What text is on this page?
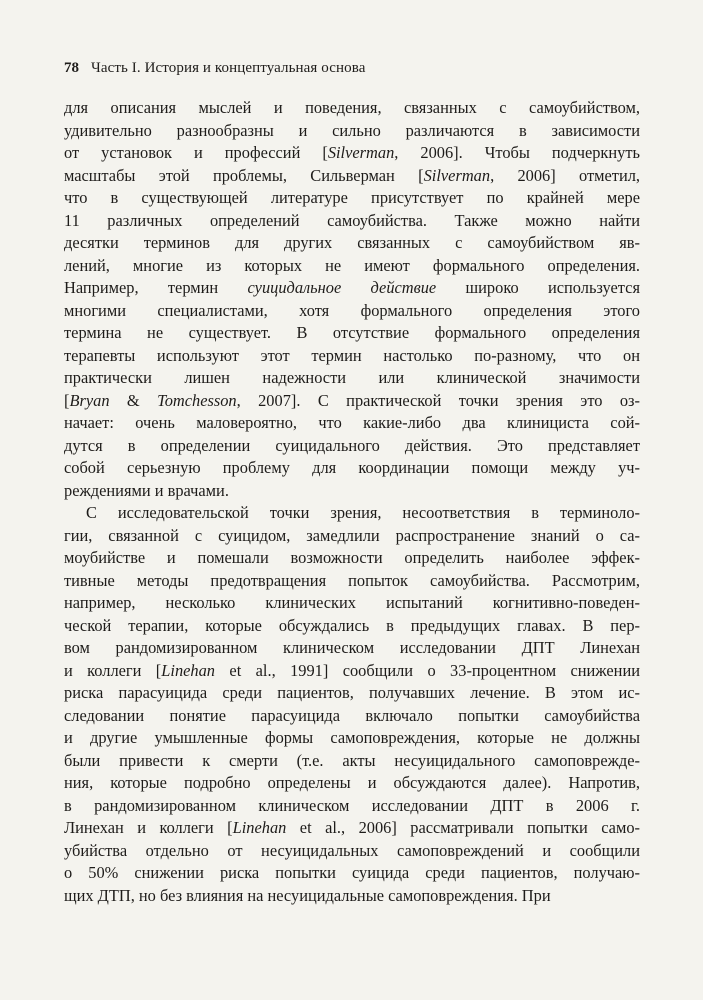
78 Часть I. История и концептуальная основа
для описания мыслей и поведения, связанных с самоубийством,
удивительно разнообразны и сильно различаются в зависимости
от установок и профессий [Silverman, 2006]. Чтобы подчеркнуть
масштабы этой проблемы, Сильверман [Silverman, 2006] отметил,
что в существующей литературе присутствует по крайней мере
11 различных определений самоубийства. Также можно найти
десятки терминов для других связанных с самоубийством яв-
лений, многие из которых не имеют формального определения.
Например, термин суицидальное действие широко используется
многими специалистами, хотя формального определения этого
термина не существует. В отсутствие формального определения
терапевты используют этот термин настолько по-разному, что он
практически лишен надежности или клинической значимости
[Bryan & Tomchesson, 2007]. С практической точки зрения это оз-
начает: очень маловероятно, что какие-либо два клинициста сой-
дутся в определении суицидального действия. Это представляет
собой серьезную проблему для координации помощи между уч-
реждениями и врачами.
С исследовательской точки зрения, несоответствия в терминоло-
гии, связанной с суицидом, замедлили распространение знаний о са-
моубийстве и помешали возможности определить наиболее эффек-
тивные методы предотвращения попыток самоубийства. Рассмотрим,
например, несколько клинических испытаний когнитивно-поведен-
ческой терапии, которые обсуждались в предыдущих главах. В пер-
вом рандомизированном клиническом исследовании ДПТ Линехан
и коллеги [Linehan et al., 1991] сообщили о 33-процентном снижении
риска парасуицида среди пациентов, получавших лечение. В этом ис-
следовании понятие парасуицида включало попытки самоубийства
и другие умышленные формы самоповреждения, которые не должны
были привести к смерти (т.е. акты несуицидального самоповрежде-
ния, которые подробно определены и обсуждаются далее). Напротив,
в рандомизированном клиническом исследовании ДПТ в 2006 г.
Линехан и коллеги [Linehan et al., 2006] рассматривали попытки само-
убийства отдельно от несуицидальных самоповреждений и сообщили
о 50% снижении риска попытки суицида среди пациентов, получаю-
щих ДТП, но без влияния на несуицидальные самоповреждения. При
